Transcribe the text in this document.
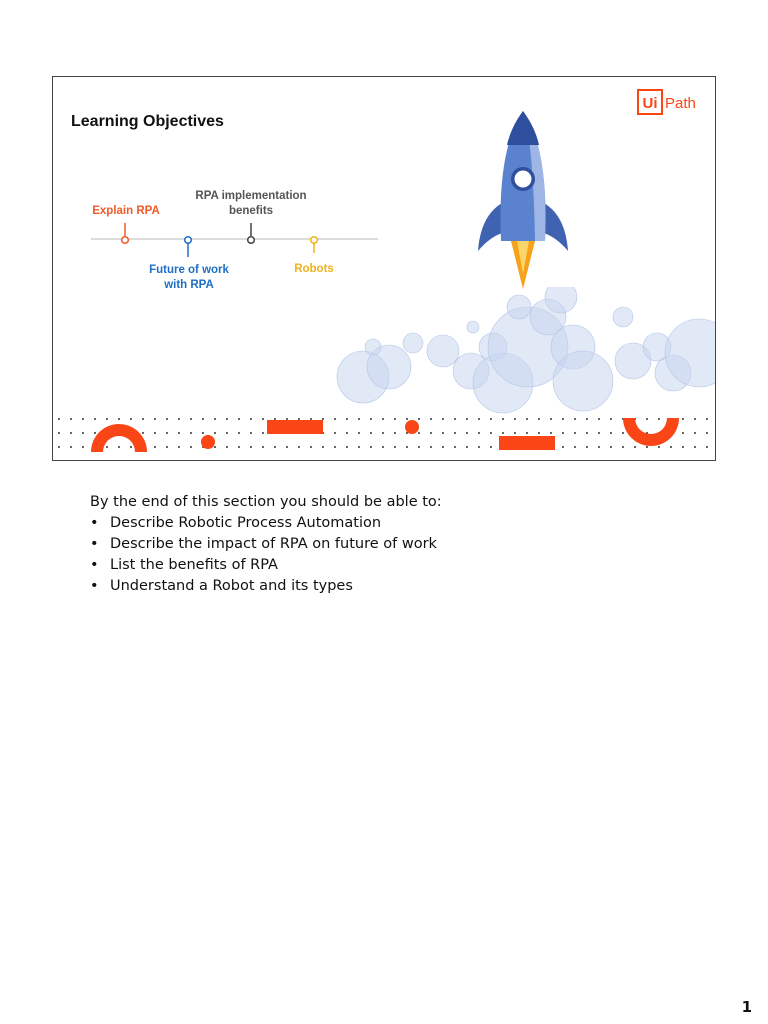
Learning Objectives
Ui Path
Explain RPA
Future of work with RPA
RPA implementation benefits
Robots

By the end of this section you should be able to:

• Describe Robotic Process Automation
• Describe the impact of RPA on future of work
• List the benefits of RPA
• Understand a Robot and its types
1
